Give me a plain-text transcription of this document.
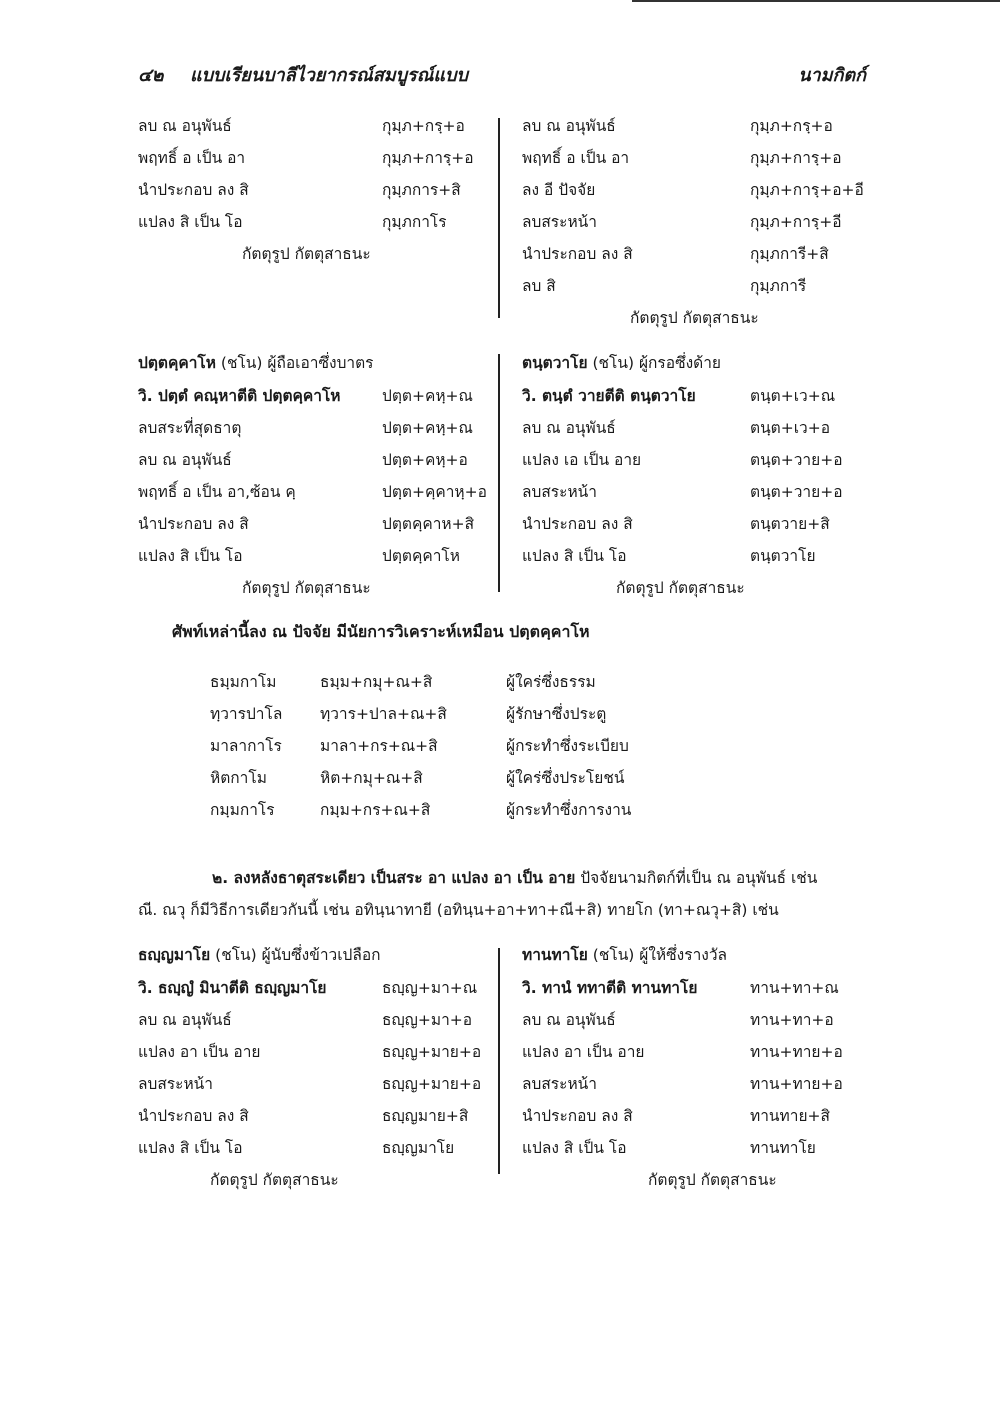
๔๒ แบบเรียนบาลีไวยากรณ์สมบูรณ์แบบ	นามกิตก์
ลบ ณ อนุพันธ์	กุมฺภ+กรฺ+อ
พฤทธิ์ อ เป็น อา	กุมฺภ+การฺ+อ
นำประกอบ ลง สิ	กุมฺภการ+สิ
แปลง สิ เป็น โอ	กุมฺภกาโร
กัตตุรูป กัตตุสาธนะ
ลบ ณ อนุพันธ์	กุมฺภ+กรฺ+อ
พฤทธิ์ อ เป็น อา	กุมฺภ+การฺ+อ
ลง อี ปัจจัย	กุมฺภ+การฺ+อ+อี
ลบสระหน้า	กุมฺภ+การฺ+อี
นำประกอบ ลง สิ	กุมฺภการี+สิ
ลบ สิ	กุมฺภการี
กัตตุรูป กัตตุสาธนะ
ปตฺตคฺคาโห (ชโน) ผู้ถือเอาซึ่งบาตร
วิ. ปตฺตํ คณฺหาตีติ ปตฺตคฺคาโห	ปตฺต+คหฺ+ณ
ลบสระที่สุดธาตุ	ปตฺต+คหฺ+ณ
ลบ ณ อนุพันธ์	ปตฺต+คหฺ+อ
พฤทธิ์ อ เป็น อา,ซ้อน คฺ	ปตฺต+คฺคาหฺ+อ
นำประกอบ ลง สิ	ปตฺตคฺคาห+สิ
แปลง สิ เป็น โอ	ปตฺตคฺคาโห
กัตตุรูป กัตตุสาธนะ
ตนฺตวาโย (ชโน) ผู้กรอซึ่งด้าย
วิ. ตนฺตํ วายตีติ ตนฺตวาโย	ตนฺต+เว+ณ
ลบ ณ อนุพันธ์	ตนฺต+เว+อ
แปลง เอ เป็น อาย	ตนฺต+วาย+อ
ลบสระหน้า	ตนฺต+วาย+อ
นำประกอบ ลง สิ	ตนฺตวาย+สิ
แปลง สิ เป็น โอ	ตนฺตวาโย
กัตตุรูป กัตตุสาธนะ
ศัพท์เหล่านี้ลง ณ ปัจจัย มีนัยการวิเคราะห์เหมือน ปตฺตคฺคาโห
ธมฺมกาโม	ธมฺม+กมุ+ณ+สิ	ผู้ใคร่ซึ่งธรรม
ทฺวารปาโล ทฺวาร+ปาล+ณ+สิ	ผู้รักษาซึ่งประตู
มาลากาโร มาลา+กร+ณ+สิ	ผู้กระทำซึ่งระเบียบ
หิตกาโม	หิต+กมุ+ณ+สิ	ผู้ใคร่ซึ่งประโยชน์
กมฺมกาโร	กมฺม+กร+ณ+สิ	ผู้กระทำซึ่งการงาน
๒. ลงหลังธาตุสระเดียว เป็นสระ อา แปลง อา เป็น อาย ปัจจัยนามกิตก์ที่เป็น ณ อนุพันธ์ เช่น
ณี. ณวุ ก็มีวิธีการเดียวกันนี้ เช่น อทินฺนาทายี (อทินฺน+อา+ทา+ณี+สิ) ทายโก (ทา+ณวุ+สิ) เช่น
ธญฺญมาโย (ชโน) ผู้นับซึ่งข้าวเปลือก
วิ. ธญฺญํ มินาตีติ ธญฺญมาโย	ธญฺญ+มา+ณ
ลบ ณ อนุพันธ์	ธญฺญ+มา+อ
แปลง อา เป็น อาย	ธญฺญ+มาย+อ
ลบสระหน้า	ธญฺญ+มาย+อ
นำประกอบ ลง สิ	ธญฺญมาย+สิ
แปลง สิ เป็น โอ	ธญฺญมาโย
กัตตุรูป กัตตุสาธนะ
ทานทาโย (ชโน) ผู้ให้ซึ่งรางวัล
วิ. ทานํ ททาตีติ ทานทาโย	ทาน+ทา+ณ
ลบ ณ อนุพันธ์	ทาน+ทา+อ
แปลง อา เป็น อาย	ทาน+ทาย+อ
ลบสระหน้า	ทาน+ทาย+อ
นำประกอบ ลง สิ	ทานทาย+สิ
แปลง สิ เป็น โอ	ทานทาโย
กัตตุรูป กัตตุสาธนะ
